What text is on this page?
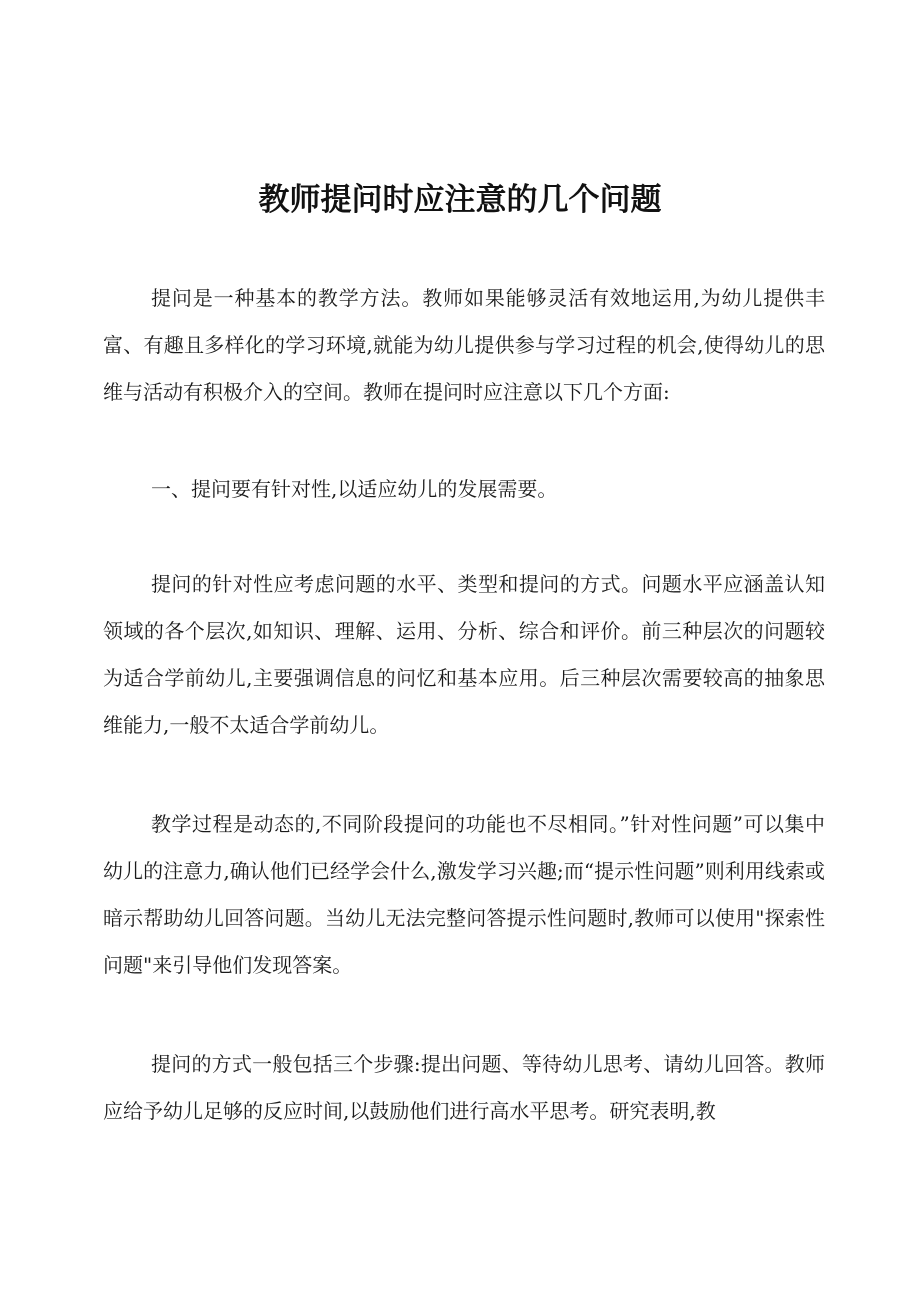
教师提问时应注意的几个问题

提问是一种基本的教学方法。教师如果能够灵活有效地运用,为幼儿提供丰富、有趣且多样化的学习环境,就能为幼儿提供参与学习过程的机会,使得幼儿的思维与活动有积极介入的空间。教师在提问时应注意以下几个方面:

一、提问要有针对性,以适应幼儿的发展需要。

提问的针对性应考虑问题的水平、类型和提问的方式。问题水平应涵盖认知领域的各个层次,如知识、理解、运用、分析、综合和评价。前三种层次的问题较为适合学前幼儿,主要强调信息的问忆和基本应用。后三种层次需要较高的抽象思维能力,一般不太适合学前幼儿。

教学过程是动态的,不同阶段提问的功能也不尽相同。”针对性问题”可以集中幼儿的注意力,确认他们已经学会什么,激发学习兴趣;而“提示性问题”则利用线索或暗示帮助幼儿回答问题。当幼儿无法完整问答提示性问题时,教师可以使用"探索性问题"来引导他们发现答案。

提问的方式一般包括三个步骤:提出问题、等待幼儿思考、请幼儿回答。教师应给予幼儿足够的反应时间,以鼓励他们进行高水平思考。研究表明,教
